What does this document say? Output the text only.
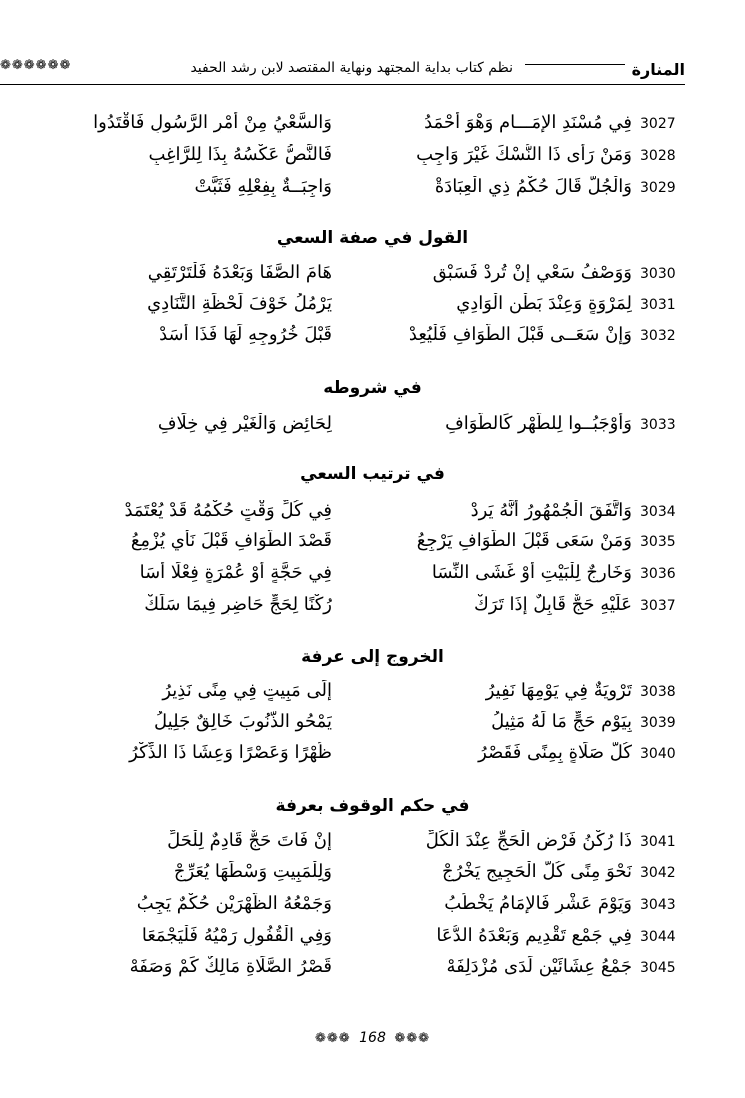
المنارة
نظم كتاب بداية المجتهد ونهاية المقتصد لابن رشد الحفيد
❁❁❁❁❁❁
3027
فِي مُسْنَدِ الإِمَـــامِ وَهْوَ أَحْمَدُ
وَالسَّعْيُ مِنْ أَمْرِ الرَّسُولِ فَاقْتَدُوا
3028
وَمَنْ رَأَى ذَا النُّسْكَ غَيْرَ وَاجِبِ
فَالنَّصُّ عَكْسُهُ بِذَا لِلرَّاغِبِ
3029
وَالْجُلُّ قَالَ حُكْمُ ذِي الْعِبَادَةْ
وَاجِبَــةٌ بِفِعْلِهِ فَثَبَّتْ
القول في صفة السعي
3030
وَوَصْفُ سَعْيٍ إِنْ تُرِدْ فَسَبْقِ
هَامَ الصَّفَا وَبَعْدَهُ فَلْتَرْتَقِي
3031
لِمَرْوَةٍ وَعِنْدَ بَطْنِ الْوَادِي
يَرْمُلُ خَوْفَ لَحْظَةِ التَّنَادِي
3032
وَإِنْ سَعَــى قَبْلَ الطَّوَافِ فَلْيُعِدْ
قَبْلَ خُرُوجِهِ لَهَا فَذَا أَسَدْ
في شروطه
3033
وَأَوْجَبُــوا لِلطُّهْرِ كَالطَّوَافِ
لِحَائِضٍ وَالْغَيْرِ فِي خِلَافِ
في ترتيب السعي
3034
وَاتَّفَقَ الْجُمْهُورُ أَنَّهُ يَرِدْ
فِي كُلِّ وَقْتٍ حُكْمُهُ قَدْ يُعْتَمَدْ
3035
وَمَنْ سَعَى قَبْلَ الطَّوَافِ يَرْجِعُ
قَصْدَ الطَّوَافِ قَبْلَ نَأْيٍ يُزْمِعُ
3036
وَخَارِجٌ لِلْبَيْتِ أَوْ غَشَى النِّسَا
فِي حَجَّةٍ أَوْ عُمْرَةٍ فِعْلًا أَسَا
3037
عَلَيْهِ حَجٌّ قَابِلٌ إِذَا تَرَكْ
رُكْنًا لِحَجٍّ حَاضِرٍ فِيمَا سَلَكْ
الخروج إلى عرفة
3038
تَرْوِيَةٌ فِي يَوْمِهَا نَفِيرُ
إِلَى مَبِيتٍ فِي مِنًى نَذِيرُ
3039
بِيَوْمِ حَجٍّ مَا لَهُ مَثِيلُ
يَمْحُو الذُّنُوبَ خَالِقٌ جَلِيلُ
3040
كُلُّ صَلَاةٍ بِمِنًى فَقَصْرُ
ظُهْرًا وَعَصْرًا وَعِشَا ذَا الذِّكْرُ
في حكم الوقوف بعرفة
3041
ذَا رُكْنُ فَرْضِ الْحَجِّ عِنْدَ الْكُلِّ
إِنْ فَاتَ حَجٌّ قَادِمٌ لِلْحَلِّ
3042
نَحْوَ مِنًى كُلُّ الْحَجِيجِ يَخْرُجْ
وَلِلْمَبِيتِ وَسْطَهَا يُعَرِّجْ
3043
وَيَوْمَ عَشْرٍ فَالإِمَامُ يَخْطُبُ
وَجَمْعُهُ الظُّهْرَيْنِ حُكْمٌ يَجِبُ
3044
فِي جَمْعِ تَقْدِيمٍ وَبَعْدَهُ الدُّعَا
وَفِي الْقُفُولِ رَمْيُهُ فَلْيَجْمَعَا
3045
جَمْعُ عِشَائَيْنِ لَدَى مُزْدَلِفَهْ
قَصْرُ الصَّلَاةِ مَالِكٌ كَمْ وَصَفَهْ
❁❁❁ 168 ❁❁❁
